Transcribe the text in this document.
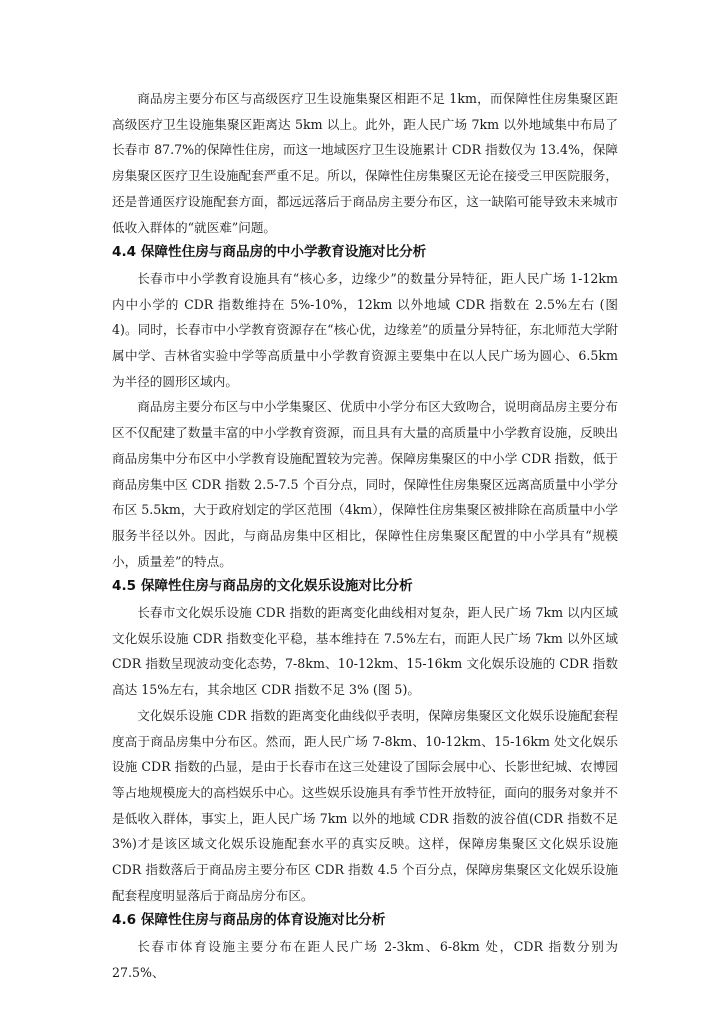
商品房主要分布区与高级医疗卫生设施集聚区相距不足 1km，而保障性住房集聚区距高级医疗卫生设施集聚区距离达 5km 以上。此外，距人民广场 7km 以外地域集中布局了长春市 87.7%的保障性住房，而这一地域医疗卫生设施累计 CDR 指数仅为 13.4%，保障房集聚区医疗卫生设施配套严重不足。所以，保障性住房集聚区无论在接受三甲医院服务，还是普通医疗设施配套方面，都远远落后于商品房主要分布区，这一缺陷可能导致未来城市低收入群体的“就医难”问题。

4.4 保障性住房与商品房的中小学教育设施对比分析

长春市中小学教育设施具有“核心多，边缘少”的数量分异特征，距人民广场 1-12km 内中小学的 CDR 指数维持在 5%-10%，12km 以外地域 CDR 指数在 2.5%左右 (图 4)。同时，长春市中小学教育资源存在“核心优，边缘差”的质量分异特征，东北师范大学附属中学、吉林省实验中学等高质量中小学教育资源主要集中在以人民广场为圆心、6.5km 为半径的圆形区域内。

商品房主要分布区与中小学集聚区、优质中小学分布区大致吻合，说明商品房主要分布区不仅配建了数量丰富的中小学教育资源，而且具有大量的高质量中小学教育设施，反映出商品房集中分布区中小学教育设施配置较为完善。保障房集聚区的中小学 CDR 指数，低于商品房集中区 CDR 指数 2.5-7.5 个百分点，同时，保障性住房集聚区远离高质量中小学分布区 5.5km，大于政府划定的学区范围（4km），保障性住房集聚区被排除在高质量中小学服务半径以外。因此，与商品房集中区相比，保障性住房集聚区配置的中小学具有“规模小，质量差”的特点。

4.5 保障性住房与商品房的文化娱乐设施对比分析

长春市文化娱乐设施 CDR 指数的距离变化曲线相对复杂，距人民广场 7km 以内区域文化娱乐设施 CDR 指数变化平稳，基本维持在 7.5%左右，而距人民广场 7km 以外区域 CDR 指数呈现波动变化态势，7-8km、10-12km、15-16km 文化娱乐设施的 CDR 指数高达 15%左右，其余地区 CDR 指数不足 3% (图 5)。

文化娱乐设施 CDR 指数的距离变化曲线似乎表明，保障房集聚区文化娱乐设施配套程度高于商品房集中分布区。然而，距人民广场 7-8km、10-12km、15-16km 处文化娱乐设施 CDR 指数的凸显，是由于长春市在这三处建设了国际会展中心、长影世纪城、农博园等占地规模庞大的高档娱乐中心。这些娱乐设施具有季节性开放特征，面向的服务对象并不是低收入群体，事实上，距人民广场 7km 以外的地域 CDR 指数的波谷值(CDR 指数不足 3%)才是该区域文化娱乐设施配套水平的真实反映。这样，保障房集聚区文化娱乐设施 CDR 指数落后于商品房主要分布区 CDR 指数 4.5 个百分点，保障房集聚区文化娱乐设施配套程度明显落后于商品房分布区。

4.6 保障性住房与商品房的体育设施对比分析

长春市体育设施主要分布在距人民广场 2-3km、6-8km 处，CDR 指数分别为 27.5%、
